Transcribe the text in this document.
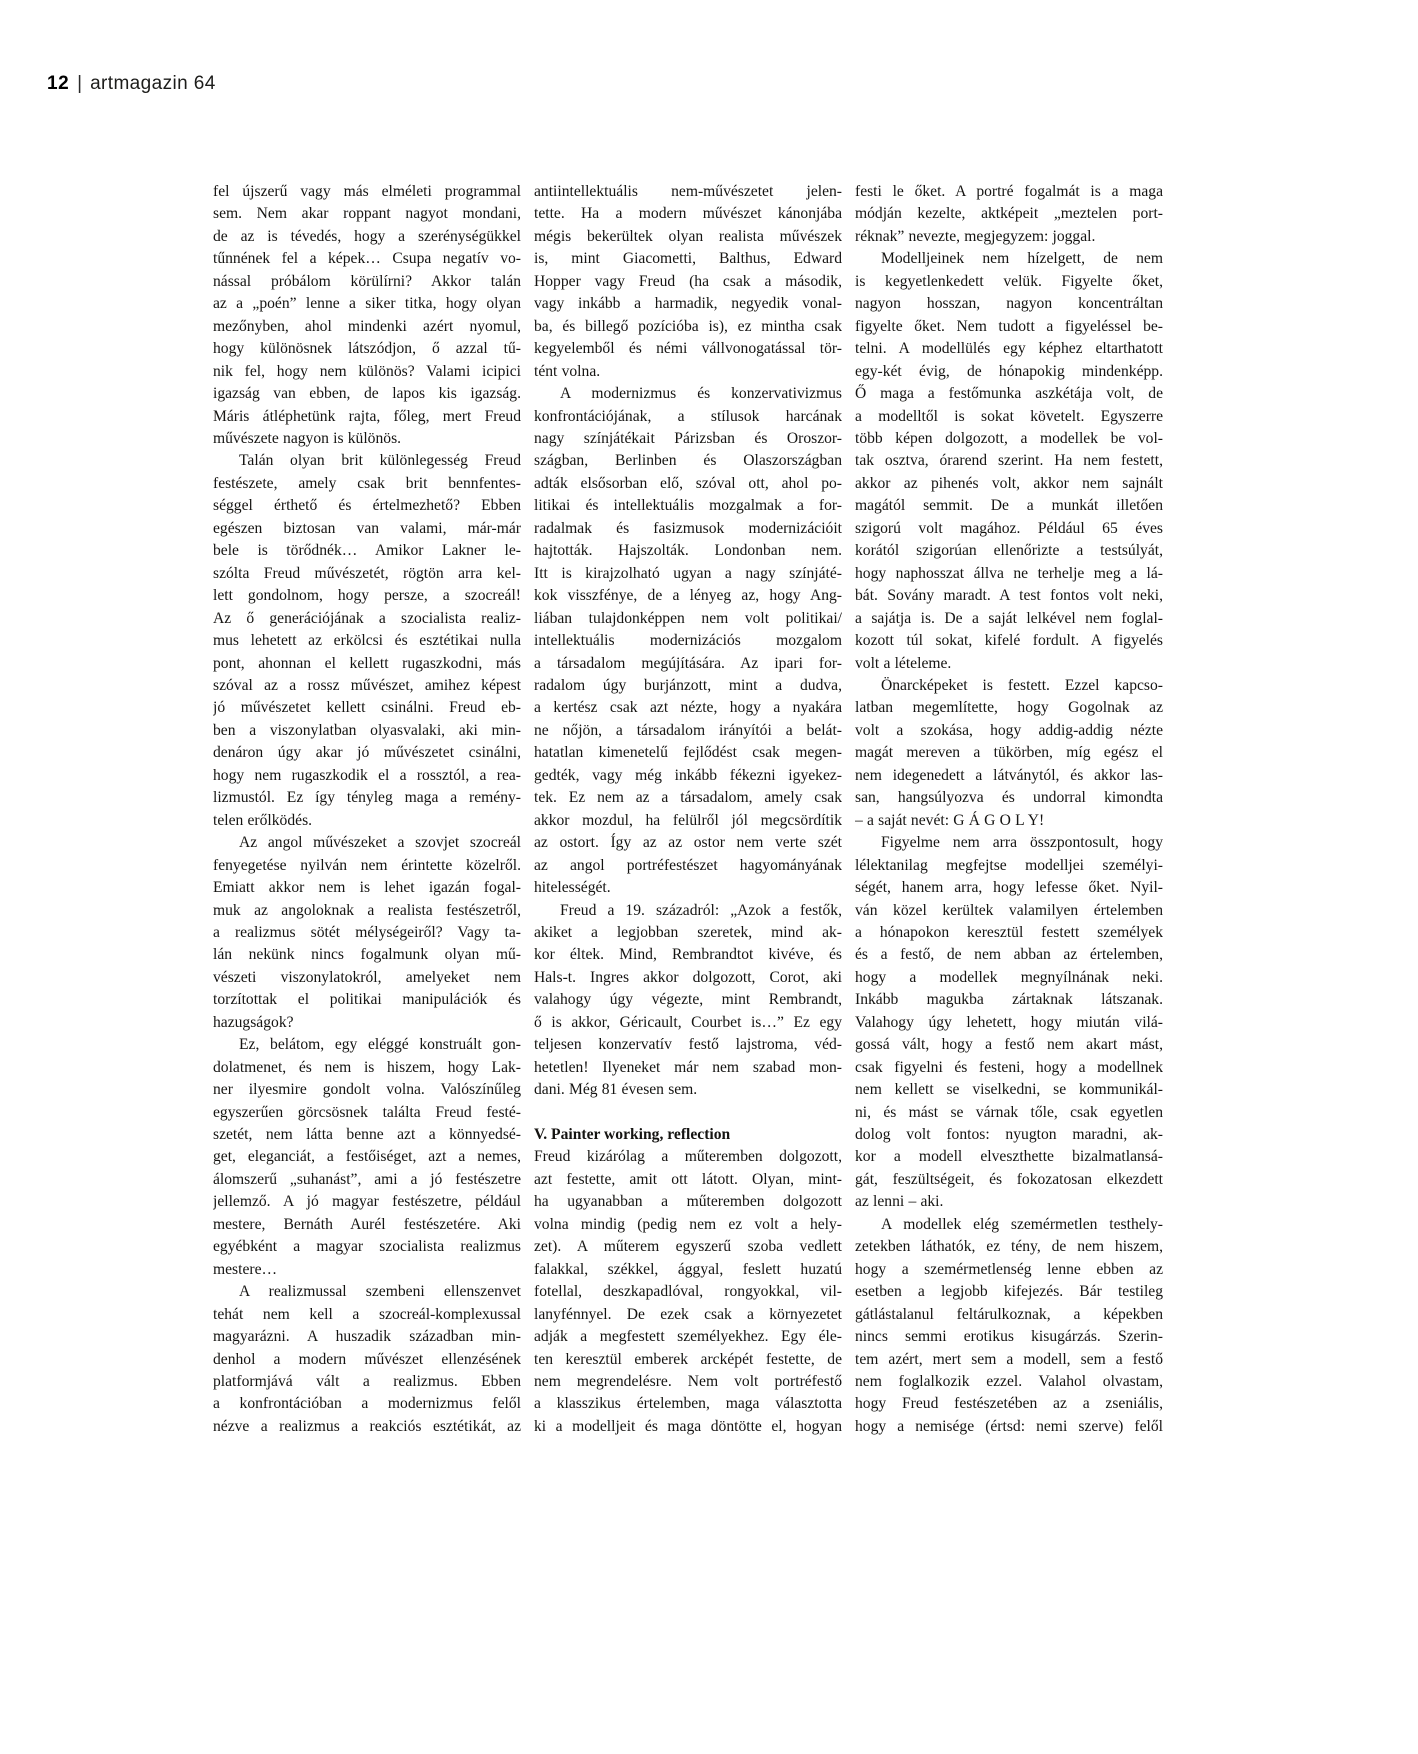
12 | artmagazin 64
fel újszerű vagy más elméleti programmal
sem. Nem akar roppant nagyot mondani,
de az is tévedés, hogy a szerénységükkel
tűnnének fel a képek… Csupa negatív vo-
nással próbálom körülírni? Akkor talán
az a „poén” lenne a siker titka, hogy olyan
mezőnyben, ahol mindenki azért nyomul,
hogy különösnek látszódjon, ő azzal tű-
nik fel, hogy nem különös? Valami icipici
igazság van ebben, de lapos kis igazság.
Máris átléphetünk rajta, főleg, mert Freud
művészete nagyon is különös.
Talán olyan brit különlegesség Freud
festészete, amely csak brit bennfentes-
séggel érthető és értelmezhető? Ebben
egészen biztosan van valami, már-már
bele is törődnék… Amikor Lakner le-
szólta Freud művészetét, rögtön arra kel-
lett gondolnom, hogy persze, a szocreál!
Az ő generációjának a szocialista realiz-
mus lehetett az erkölcsi és esztétikai nulla
pont, ahonnan el kellett rugaszkodni, más
szóval az a rossz művészet, amihez képest
jó művészetet kellett csinálni. Freud eb-
ben a viszonylatban olyasvalaki, aki min-
denáron úgy akar jó művészetet csinálni,
hogy nem rugaszkodik el a rossztól, a rea-
lizmustól. Ez így tényleg maga a remény-
telen erőlködés.
Az angol művészeket a szovjet szocreál
fenyegetése nyilván nem érintette közelről.
Emiatt akkor nem is lehet igazán fogal-
muk az angoloknak a realista festészetről,
a realizmus sötét mélységeiről? Vagy ta-
lán nekünk nincs fogalmunk olyan mű-
vészeti viszonylatokról, amelyeket nem
torzítottak el politikai manipulációk és
hazugságok?
Ez, belátom, egy eléggé konstruált gon-
dolatmenet, és nem is hiszem, hogy Lak-
ner ilyesmire gondolt volna. Valószínűleg
egyszerűen görcsösnek találta Freud festé-
szetét, nem látta benne azt a könnyedsé-
get, eleganciát, a festőiséget, azt a nemes,
álomszerű „suhanást”, ami a jó festészetre
jellemző. A jó magyar festészetre, például
mestere, Bernáth Aurél festészetére. Aki
egyébként a magyar szocialista realizmus
mestere…
A realizmussal szembeni ellenszenvet
tehát nem kell a szocreál-komplexussal
magyarázni. A huszadik században min-
denhol a modern művészet ellenzésének
platformjává vált a realizmus. Ebben
a konfrontációban a modernizmus felől
nézve a realizmus a reakciós esztétikát, az
antiintellektuális nem-művészetet jelen-
tette. Ha a modern művészet kánonjába
mégis bekerültek olyan realista művészek
is, mint Giacometti, Balthus, Edward
Hopper vagy Freud (ha csak a második,
vagy inkább a harmadik, negyedik vonal-
ba, és billegő pozícióba is), ez mintha csak
kegyelemből és némi vállvonogatással tör-
tént volna.
A modernizmus és konzervativizmus
konfrontációjának, a stílusok harcának
nagy színjátékait Párizsban és Oroszor-
szágban, Berlinben és Olaszországban
adták elsősorban elő, szóval ott, ahol po-
litikai és intellektuális mozgalmak a for-
radalmak és fasizmusok modernizációit
hajtották. Hajszolták. Londonban nem.
Itt is kirajzolható ugyan a nagy színjáté-
kok visszfénye, de a lényeg az, hogy Ang-
liában tulajdonképpen nem volt politikai/
intellektuális modernizációs mozgalom
a társadalom megújítására. Az ipari for-
radalom úgy burjánzott, mint a dudva,
a kertész csak azt nézte, hogy a nyakára
ne nőjön, a társadalom irányítói a belát-
hatatlan kimenetelű fejlődést csak megen-
gedték, vagy még inkább fékezni igyekez-
tek. Ez nem az a társadalom, amely csak
akkor mozdul, ha felülről jól megcsördítik
az ostort. Így az az ostor nem verte szét
az angol portréfestészet hagyományának
hitelességét.
Freud a 19. századról: „Azok a festők,
akiket a legjobban szeretek, mind ak-
kor éltek. Mind, Rembrandtot kivéve, és
Hals-t. Ingres akkor dolgozott, Corot, aki
valahogy úgy végezte, mint Rembrandt,
ő is akkor, Géricault, Courbet is…” Ez egy
teljesen konzervatív festő lajstroma, véd-
hetetlen! Ilyeneket már nem szabad mon-
dani. Még 81 évesen sem.
V. Painter working, reflection
Freud kizárólag a műteremben dolgozott,
azt festette, amit ott látott. Olyan, mint-
ha ugyanabban a műteremben dolgozott
volna mindig (pedig nem ez volt a hely-
zet). A műterem egyszerű szoba vedlett
falakkal, székkel, ággyal, feslett huzatú
fotellal, deszkapadlóval, rongyokkal, vil-
lanyfénnyel. De ezek csak a környezetet
adják a megfestett személyekhez. Egy éle-
ten keresztül emberek arcképét festette, de
nem megrendelésre. Nem volt portréfestő
a klasszikus értelemben, maga választotta
ki a modelljeit és maga döntötte el, hogyan
festi le őket. A portré fogalmát is a maga
módján kezelte, aktképeit „meztelen port-
réknak” nevezte, megjegyzem: joggal.
Modelljeinek nem hízelgett, de nem
is kegyetlenkedett velük. Figyelte őket,
nagyon hosszan, nagyon koncentráltan
figyelte őket. Nem tudott a figyeléssel be-
telni. A modellülés egy képhez eltarthatott
egy-két évig, de hónapokig mindenképp.
Ő maga a festőmunka aszkétája volt, de
a modelltől is sokat követelt. Egyszerre
több képen dolgozott, a modellek be vol-
tak osztva, órarend szerint. Ha nem festett,
akkor az pihenés volt, akkor nem sajnált
magától semmit. De a munkát illetően
szigorú volt magához. Például 65 éves
korától szigorúan ellenőrizte a testsúlyát,
hogy naphosszat állva ne terhelje meg a lá-
bát. Sovány maradt. A test fontos volt neki,
a sajátja is. De a saját lelkével nem foglal-
kozott túl sokat, kifelé fordult. A figyelés
volt a lételeme.
Önarcképeket is festett. Ezzel kapcso-
latban megemlítette, hogy Gogolnak az
volt a szokása, hogy addig-addig nézte
magát mereven a tükörben, míg egész el
nem idegenedett a látványtól, és akkor las-
san, hangsúlyozva és undorral kimondta
– a saját nevét: G Á G O L Y!
Figyelme nem arra összpontosult, hogy
lélektanilag megfejtse modelljei személyi-
ségét, hanem arra, hogy lefesse őket. Nyil-
ván közel kerültek valamilyen értelemben
a hónapokon keresztül festett személyek
és a festő, de nem abban az értelemben,
hogy a modellek megnyílnának neki.
Inkább magukba zártaknak látszanak.
Valahogy úgy lehetett, hogy miután vilá-
gossá vált, hogy a festő nem akart mást,
csak figyelni és festeni, hogy a modellnek
nem kellett se viselkedni, se kommunikál-
ni, és mást se várnak tőle, csak egyetlen
dolog volt fontos: nyugton maradni, ak-
kor a modell elveszthette bizalmatlansá-
gát, feszültségeit, és fokozatosan elkezdett
az lenni – aki.
A modellek elég szemérmetlen testhely-
zetekben láthatók, ez tény, de nem hiszem,
hogy a szemérmetlenség lenne ebben az
esetben a legjobb kifejezés. Bár testileg
gátlástalanul feltárulkoznak, a képekben
nincs semmi erotikus kisugárzás. Szerin-
tem azért, mert sem a modell, sem a festő
nem foglalkozik ezzel. Valahol olvastam,
hogy Freud festészetében az a zseniális,
hogy a nemisége (értsd: nemi szerve) felől
